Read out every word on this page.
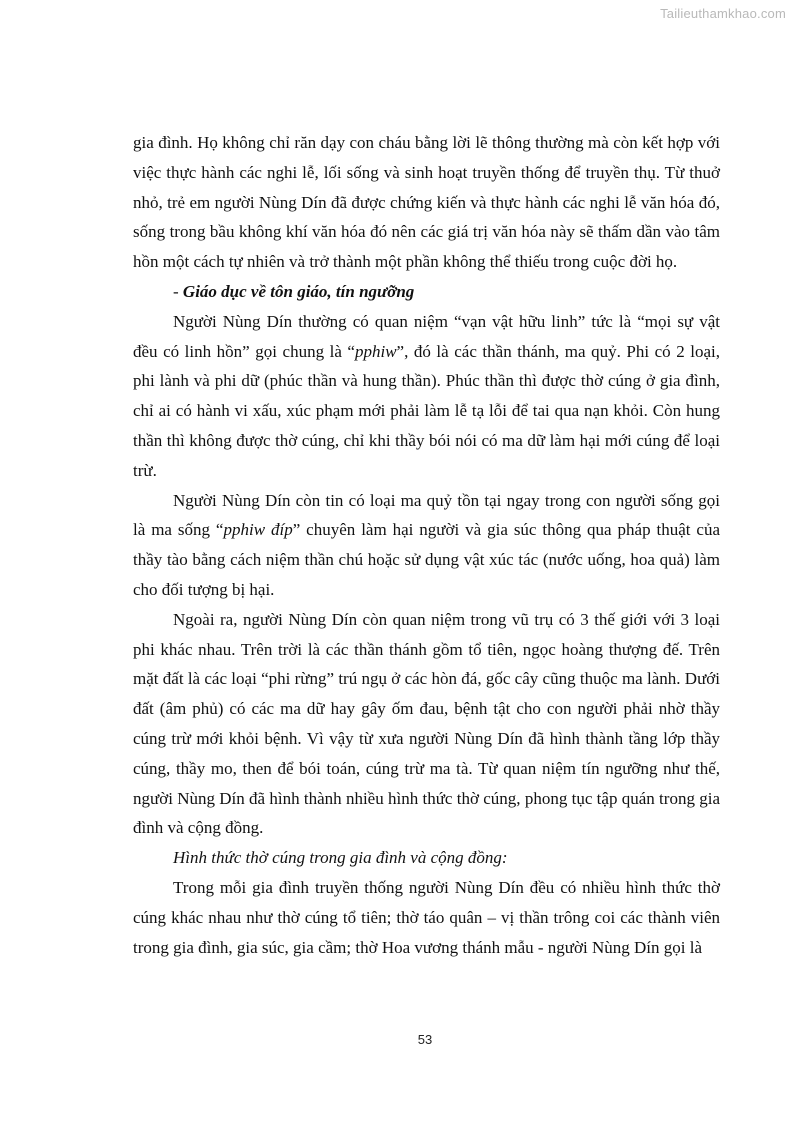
Tailieuthamkhao.com

gia đình. Họ không chỉ răn dạy con cháu bằng lời lẽ thông thường mà còn kết hợp với việc thực hành các nghi lễ, lối sống và sinh hoạt truyền thống để truyền thụ. Từ thuở nhỏ, trẻ em người Nùng Dín đã được chứng kiến và thực hành các nghi lễ văn hóa đó, sống trong bầu không khí văn hóa đó nên các giá trị văn hóa này sẽ thấm dần vào tâm hồn một cách tự nhiên và trở thành một phần không thể thiếu trong cuộc đời họ.

- Giáo dục về tôn giáo, tín ngưỡng

Người Nùng Dín thường có quan niệm “vạn vật hữu linh” tức là “mọi sự vật đều có linh hồn” gọi chung là “pphiw”, đó là các thần thánh, ma quỷ. Phi có 2 loại, phi lành và phi dữ (phúc thần và hung thần). Phúc thần thì được thờ cúng ở gia đình, chỉ ai có hành vi xấu, xúc phạm mới phải làm lễ tạ lỗi để tai qua nạn khỏi. Còn hung thần thì không được thờ cúng, chỉ khi thầy bói nói có ma dữ làm hại mới cúng để loại trừ.

Người Nùng Dín còn tin có loại ma quỷ tồn tại ngay trong con người sống gọi là ma sống “pphiw đíp” chuyên làm hại người và gia súc thông qua pháp thuật của thầy tào bằng cách niệm thần chú hoặc sử dụng vật xúc tác (nước uống, hoa quả) làm cho đối tượng bị hại.

Ngoài ra, người Nùng Dín còn quan niệm trong vũ trụ có 3 thế giới với 3 loại phi khác nhau. Trên trời là các thần thánh gồm tổ tiên, ngọc hoàng thượng đế. Trên mặt đất là các loại “phi rừng” trú ngụ ở các hòn đá, gốc cây cũng thuộc ma lành. Dưới đất (âm phủ) có các ma dữ hay gây ốm đau, bệnh tật cho con người phải nhờ thầy cúng trừ mới khỏi bệnh. Vì vậy từ xưa người Nùng Dín đã hình thành tầng lớp thầy cúng, thầy mo, then để bói toán, cúng trừ ma tà. Từ quan niệm tín ngưỡng như thế, người Nùng Dín đã hình thành nhiều hình thức thờ cúng, phong tục tập quán trong gia đình và cộng đồng.

Hình thức thờ cúng trong gia đình và cộng đồng:

Trong mỗi gia đình truyền thống người Nùng Dín đều có nhiều hình thức thờ cúng khác nhau như thờ cúng tổ tiên; thờ táo quân – vị thần trông coi các thành viên trong gia đình, gia súc, gia cầm; thờ Hoa vương thánh mẫu - người Nùng Dín gọi là

53
